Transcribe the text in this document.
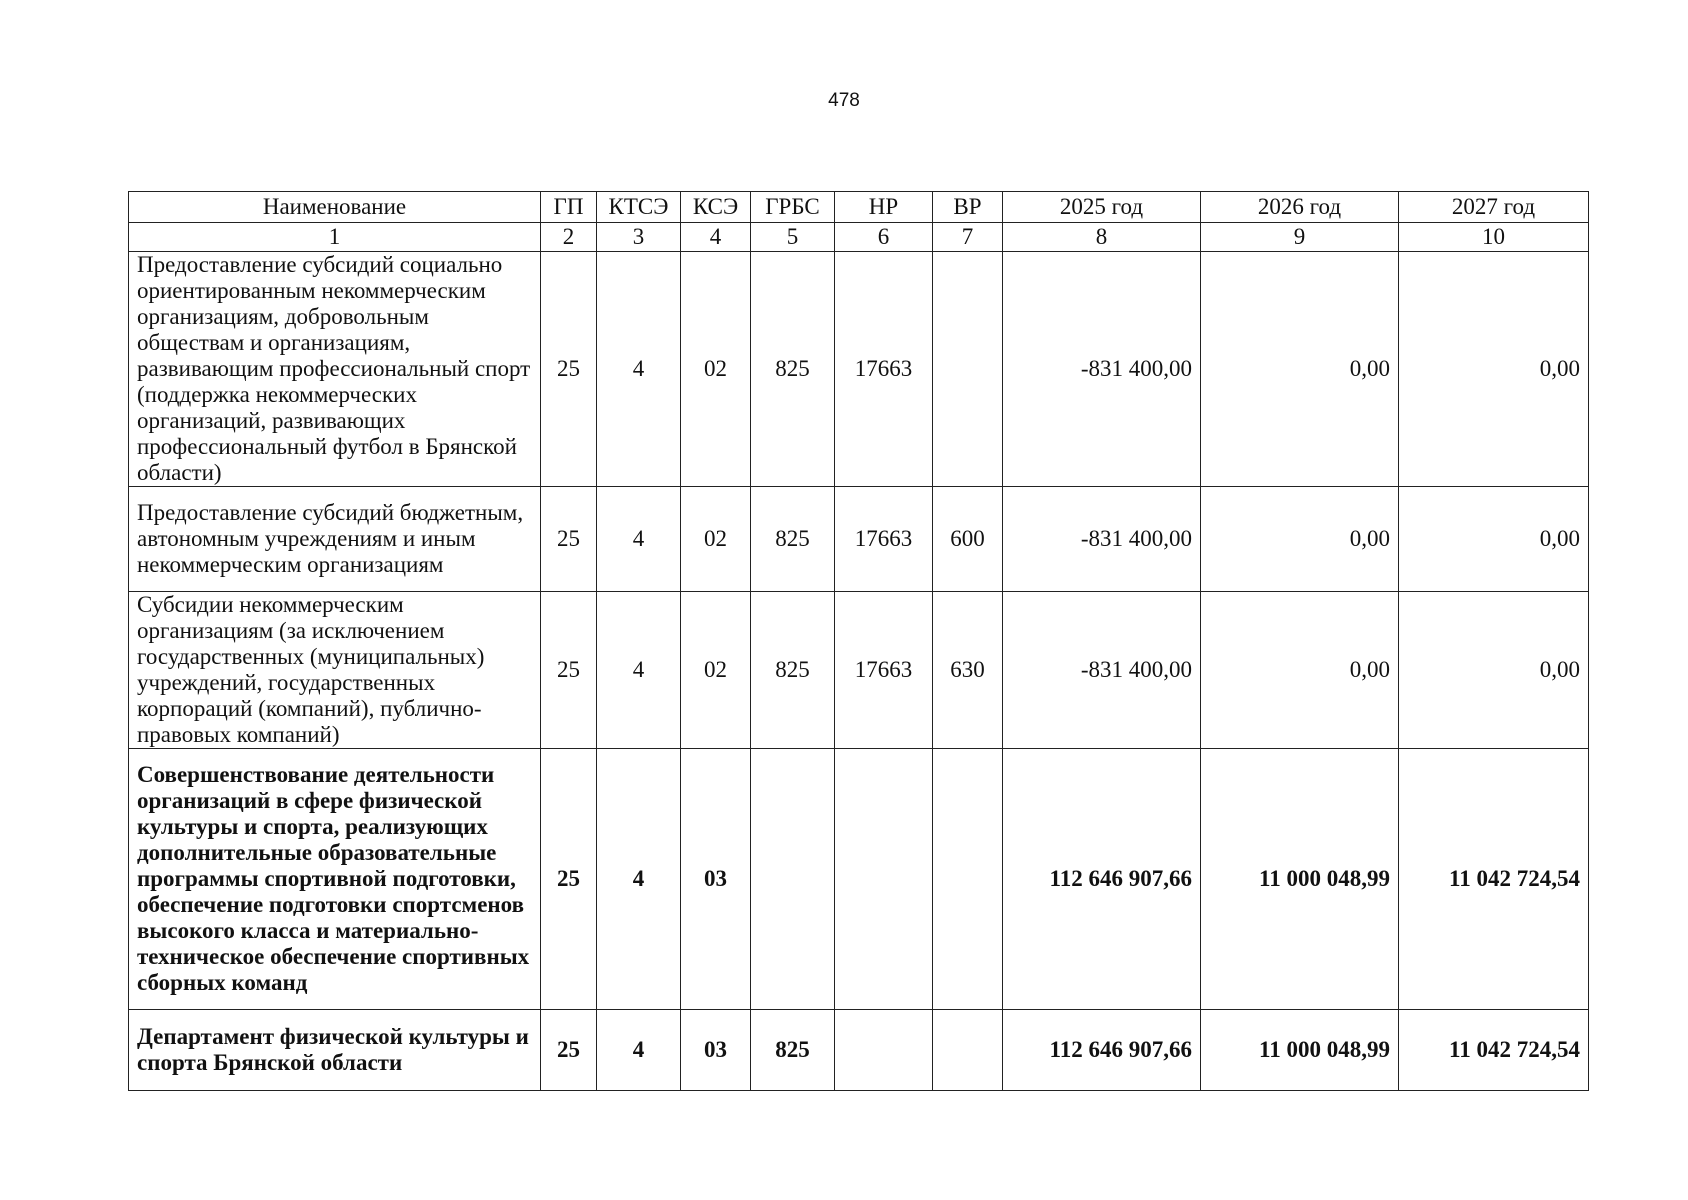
478
Наименование	ГП	КТСЭ	КСЭ	ГРБС	НР	ВР	2025 год	2026 год	2027 год
1	2	3	4	5	6	7	8	9	10
Предоставление субсидий социально ориентированным некоммерческим организациям, добровольным обществам и организациям, развивающим профессиональный спорт (поддержка некоммерческих организаций, развивающих профессиональный футбол в Брянской области)	25	4	02	825	17663		-831 400,00	0,00	0,00
Предоставление субсидий бюджетным, автономным учреждениям и иным некоммерческим организациям	25	4	02	825	17663	600	-831 400,00	0,00	0,00
Субсидии некоммерческим организациям (за исключением государственных (муниципальных) учреждений, государственных корпораций (компаний), публично-правовых компаний)	25	4	02	825	17663	630	-831 400,00	0,00	0,00
Совершенствование деятельности организаций в сфере физической культуры и спорта, реализующих дополнительные образовательные программы спортивной подготовки, обеспечение подготовки спортсменов высокого класса и материально-техническое обеспечение спортивных сборных команд	25	4	03				112 646 907,66	11 000 048,99	11 042 724,54
Департамент физической культуры и спорта Брянской области	25	4	03	825			112 646 907,66	11 000 048,99	11 042 724,54
